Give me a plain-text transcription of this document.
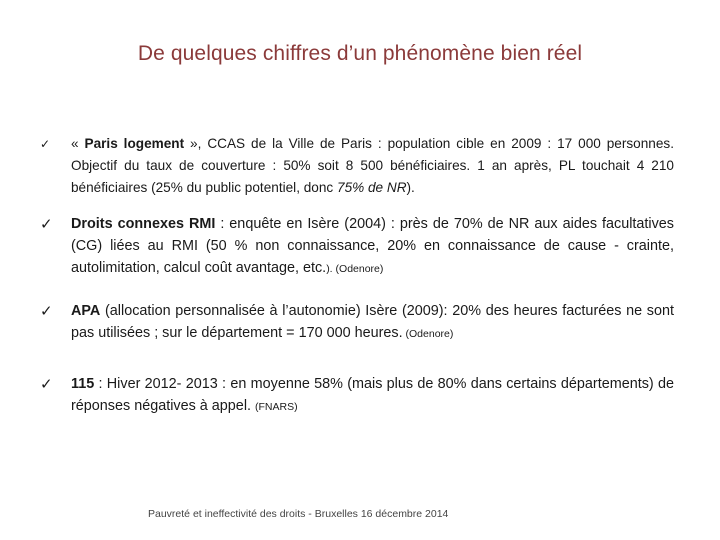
De quelques chiffres d’un phénomène bien réel
✓ « Paris logement », CCAS de la Ville de Paris : population cible en 2009 : 17 000 personnes. Objectif du taux de couverture : 50% soit 8 500 bénéficiaires. 1 an après, PL touchait 4 210 bénéficiaires (25% du public potentiel, donc 75% de NR).
✓ Droits connexes RMI : enquête en Isère (2004) : près de 70% de NR aux aides facultatives (CG) liées au RMI (50 % non connaissance, 20% en connaissance de cause - crainte, autolimitation, calcul coût avantage, etc.). (Odenore)
✓ APA (allocation personnalisée à l’autonomie) Isère (2009): 20% des heures facturées ne sont pas utilisées ; sur le département = 170 000 heures. (Odenore)
✓ 115 : Hiver 2012- 2013 : en moyenne 58% (mais plus de 80% dans certains départements) de réponses négatives à appel. (FNARS)
Pauvreté et ineffectivité des droits - Bruxelles 16 décembre 2014
